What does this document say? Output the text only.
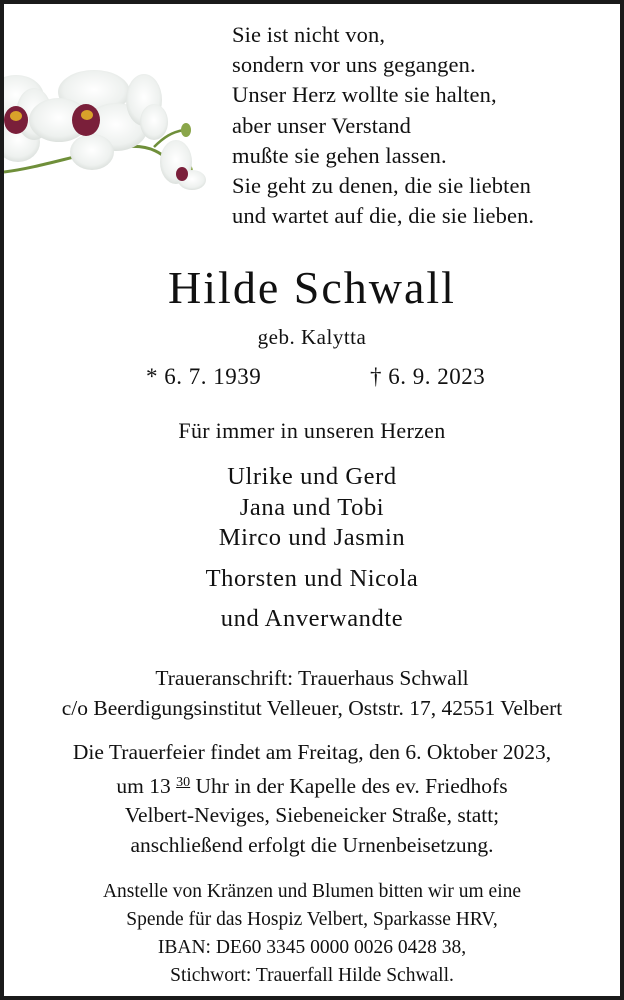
Sie ist nicht von,
sondern vor uns gegangen.
Unser Herz wollte sie halten,
aber unser Verstand
mußte sie gehen lassen.
Sie geht zu denen, die sie liebten
und wartet auf die, die sie lieben.
Hilde Schwall
geb. Kalytta
* 6. 7. 1939	† 6. 9. 2023
Für immer in unseren Herzen
Ulrike und Gerd
Jana und Tobi
Mirco und Jasmin
Thorsten und Nicola
und Anverwandte
Traueranschrift: Trauerhaus Schwall
c/o Beerdigungsinstitut Velleuer, Oststr. 17, 42551 Velbert
Die Trauerfeier findet am Freitag, den 6. Oktober 2023,
um 13 $^{30}$ Uhr in der Kapelle des ev. Friedhofs
Velbert-Neviges, Siebeneicker Straße, statt;
anschließend erfolgt die Urnenbeisetzung.
Anstelle von Kränzen und Blumen bitten wir um eine
Spende für das Hospiz Velbert, Sparkasse HRV,
IBAN: DE60 3345 0000 0026 0428 38,
Stichwort: Trauerfall Hilde Schwall.
